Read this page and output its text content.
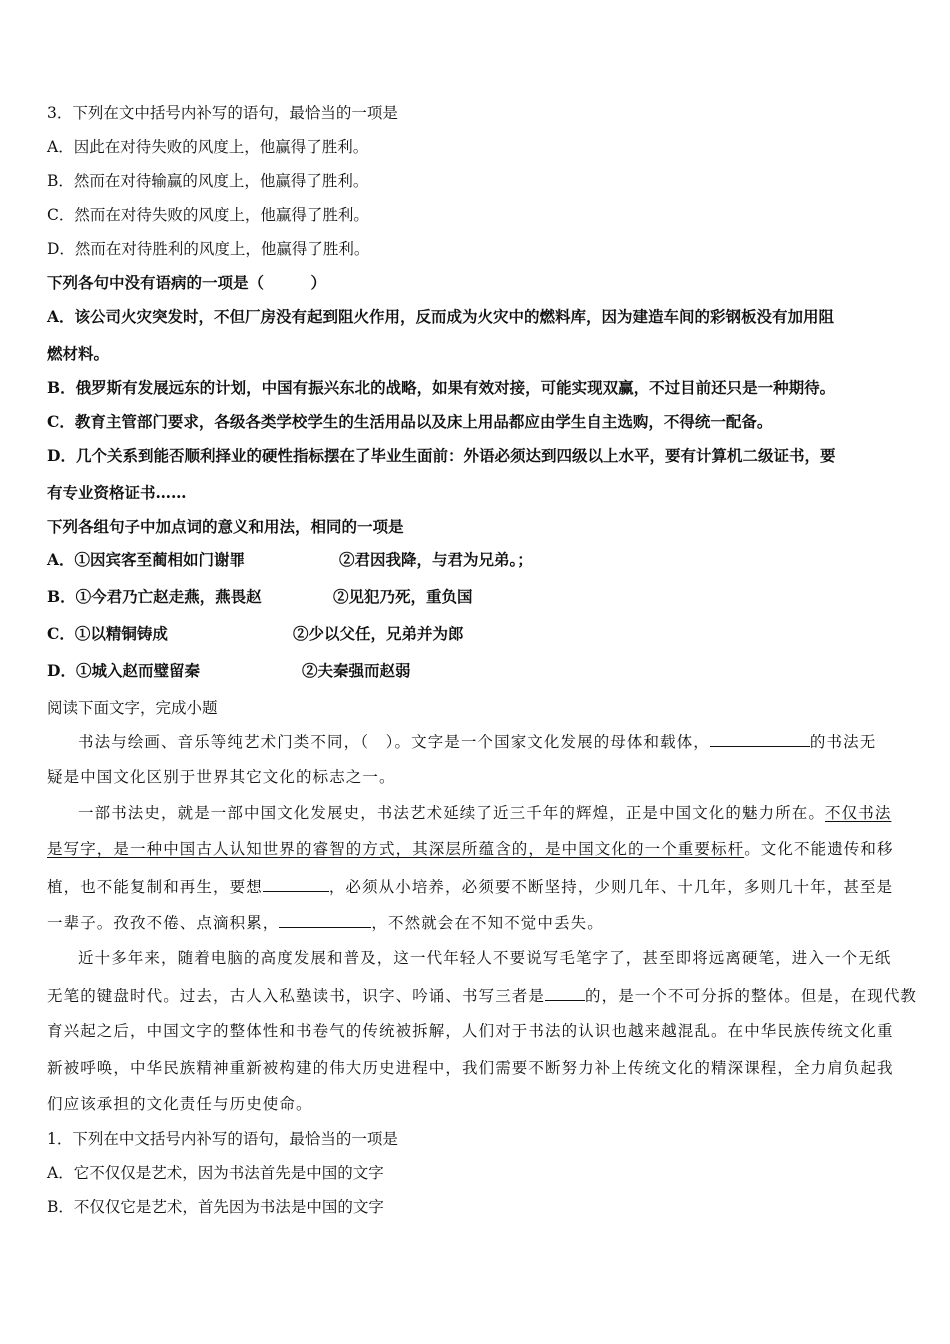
3．下列在文中括号内补写的语句，最恰当的一项是
A．因此在对待失败的风度上，他赢得了胜利。
B．然而在对待输赢的风度上，他赢得了胜利。
C．然而在对待失败的风度上，他赢得了胜利。
D．然而在对待胜利的风度上，他赢得了胜利。
下列各句中没有语病的一项是（　　　）
A．该公司火灾突发时，不但厂房没有起到阻火作用，反而成为火灾中的燃料库，因为建造车间的彩钢板没有加用阻
燃材料。
B．俄罗斯有发展远东的计划，中国有振兴东北的战略，如果有效对接，可能实现双赢，不过目前还只是一种期待。
C．教育主管部门要求，各级各类学校学生的生活用品以及床上用品都应由学生自主选购，不得统一配备。
D．几个关系到能否顺利择业的硬性指标摆在了毕业生面前：外语必须达到四级以上水平，要有计算机二级证书，要
有专业资格证书……
下列各组句子中加点词的意义和用法，相同的一项是
A．①因宾客至蔺相如门谢罪	②君因我降，与君为兄弟。；
B．①今君乃亡赵走燕，燕畏赵	②见犯乃死，重负国
C．①以精铜铸成	②少以父任，兄弟并为郎
D．①城入赵而璧留秦	②夫秦强而赵弱
阅读下面文字，完成小题
书法与绘画、音乐等纯艺术门类不同，（　）。文字是一个国家文化发展的母体和载体，	的书法无
疑是中国文化区别于世界其它文化的标志之一。
一部书法史，就是一部中国文化发展史，书法艺术延续了近三千年的辉煌，正是中国文化的魅力所在。不仅书法
是写字，是一种中国古人认知世界的睿智的方式，其深层所蕴含的，是中国文化的一个重要标杆。文化不能遗传和移
植，也不能复制和再生，要想	，必须从小培养，必须要不断坚持，少则几年、十几年，多则几十年，甚至是
一辈子。孜孜不倦、点滴积累，	，不然就会在不知不觉中丢失。
近十多年来，随着电脑的高度发展和普及，这一代年轻人不要说写毛笔字了，甚至即将远离硬笔，进入一个无纸
无笔的键盘时代。过去，古人入私塾读书，识字、吟诵、书写三者是	的，是一个不可分拆的整体。但是，在现代教
育兴起之后，中国文字的整体性和书卷气的传统被拆解，人们对于书法的认识也越来越混乱。在中华民族传统文化重
新被呼唤，中华民族精神重新被构建的伟大历史进程中，我们需要不断努力补上传统文化的精深课程，全力肩负起我
们应该承担的文化责任与历史使命。
1．下列在中文括号内补写的语句，最恰当的一项是
A．它不仅仅是艺术，因为书法首先是中国的文字
B．不仅仅它是艺术，首先因为书法是中国的文字
